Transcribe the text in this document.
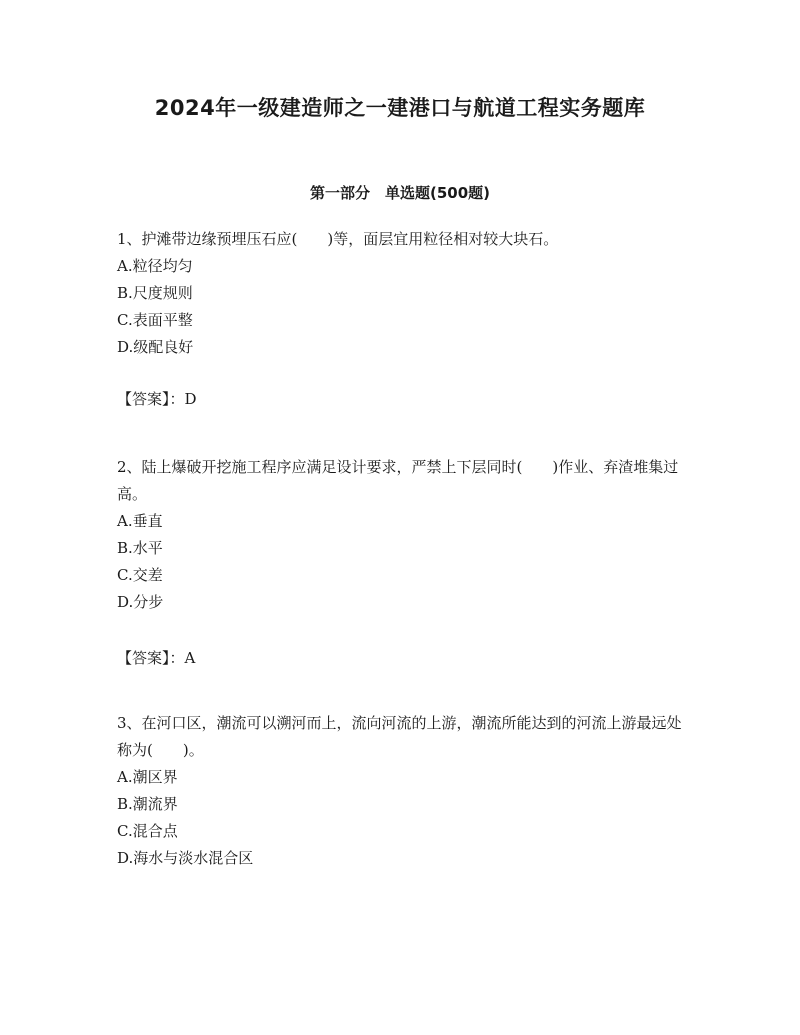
2024年一级建造师之一建港口与航道工程实务题库
第一部分　单选题(500题)

1、护滩带边缘预埋压石应(　　)等，面层宜用粒径相对较大块石。

A.粒径均匀
B.尺度规则
C.表面平整
D.级配良好
【答案】：D

2、陆上爆破开挖施工程序应满足设计要求，严禁上下层同时(　　)作业、弃渣堆集过高。

A.垂直
B.水平
C.交差
D.分步
【答案】：A

3、在河口区，潮流可以溯河而上，流向河流的上游，潮流所能达到的河流上游最远处称为(　　)。

A.潮区界
B.潮流界
C.混合点
D.海水与淡水混合区
